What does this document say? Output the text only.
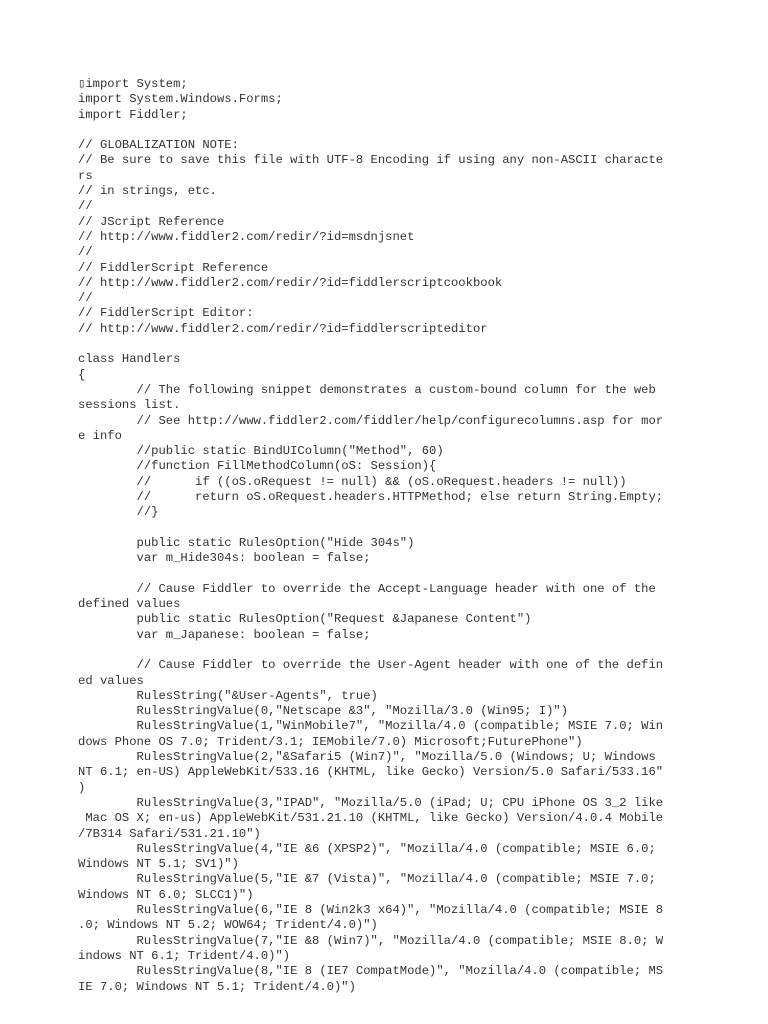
▯import System;
import System.Windows.Forms;
import Fiddler;
// GLOBALIZATION NOTE:
// Be sure to save this file with UTF-8 Encoding if using any non-ASCII characte
rs
// in strings, etc.
//
// JScript Reference
// http://www.fiddler2.com/redir/?id=msdnjsnet
//
// FiddlerScript Reference
// http://www.fiddler2.com/redir/?id=fiddlerscriptcookbook
//
// FiddlerScript Editor:
// http://www.fiddler2.com/redir/?id=fiddlerscripteditor
class Handlers
{
// The following snippet demonstrates a custom-bound column for the web
sessions list.
// See http://www.fiddler2.com/fiddler/help/configurecolumns.asp for mor
e info
//public static BindUIColumn("Method", 60)
//function FillMethodColumn(oS: Session){
//      if ((oS.oRequest != null) && (oS.oRequest.headers != null))
//      return oS.oRequest.headers.HTTPMethod; else return String.Empty;
//}
public static RulesOption("Hide 304s")
var m_Hide304s: boolean = false;
// Cause Fiddler to override the Accept-Language header with one of the
defined values
public static RulesOption("Request &Japanese Content")
var m_Japanese: boolean = false;
// Cause Fiddler to override the User-Agent header with one of the defin
ed values
RulesString("&User-Agents", true)
RulesStringValue(0,"Netscape &3", "Mozilla/3.0 (Win95; I)")
RulesStringValue(1,"WinMobile7", "Mozilla/4.0 (compatible; MSIE 7.0; Win
dows Phone OS 7.0; Trident/3.1; IEMobile/7.0) Microsoft;FuturePhone")
RulesStringValue(2,"&Safari5 (Win7)", "Mozilla/5.0 (Windows; U; Windows
NT 6.1; en-US) AppleWebKit/533.16 (KHTML, like Gecko) Version/5.0 Safari/533.16"
)
RulesStringValue(3,"IPAD", "Mozilla/5.0 (iPad; U; CPU iPhone OS 3_2 like
Mac OS X; en-us) AppleWebKit/531.21.10 (KHTML, like Gecko) Version/4.0.4 Mobile
/7B314 Safari/531.21.10")
RulesStringValue(4,"IE &6 (XPSP2)", "Mozilla/4.0 (compatible; MSIE 6.0;
Windows NT 5.1; SV1)")
RulesStringValue(5,"IE &7 (Vista)", "Mozilla/4.0 (compatible; MSIE 7.0;
Windows NT 6.0; SLCC1)")
RulesStringValue(6,"IE 8 (Win2k3 x64)", "Mozilla/4.0 (compatible; MSIE 8
.0; Windows NT 5.2; WOW64; Trident/4.0)")
RulesStringValue(7,"IE &8 (Win7)", "Mozilla/4.0 (compatible; MSIE 8.0; W
indows NT 6.1; Trident/4.0)")
RulesStringValue(8,"IE 8 (IE7 CompatMode)", "Mozilla/4.0 (compatible; MS
IE 7.0; Windows NT 5.1; Trident/4.0)")
